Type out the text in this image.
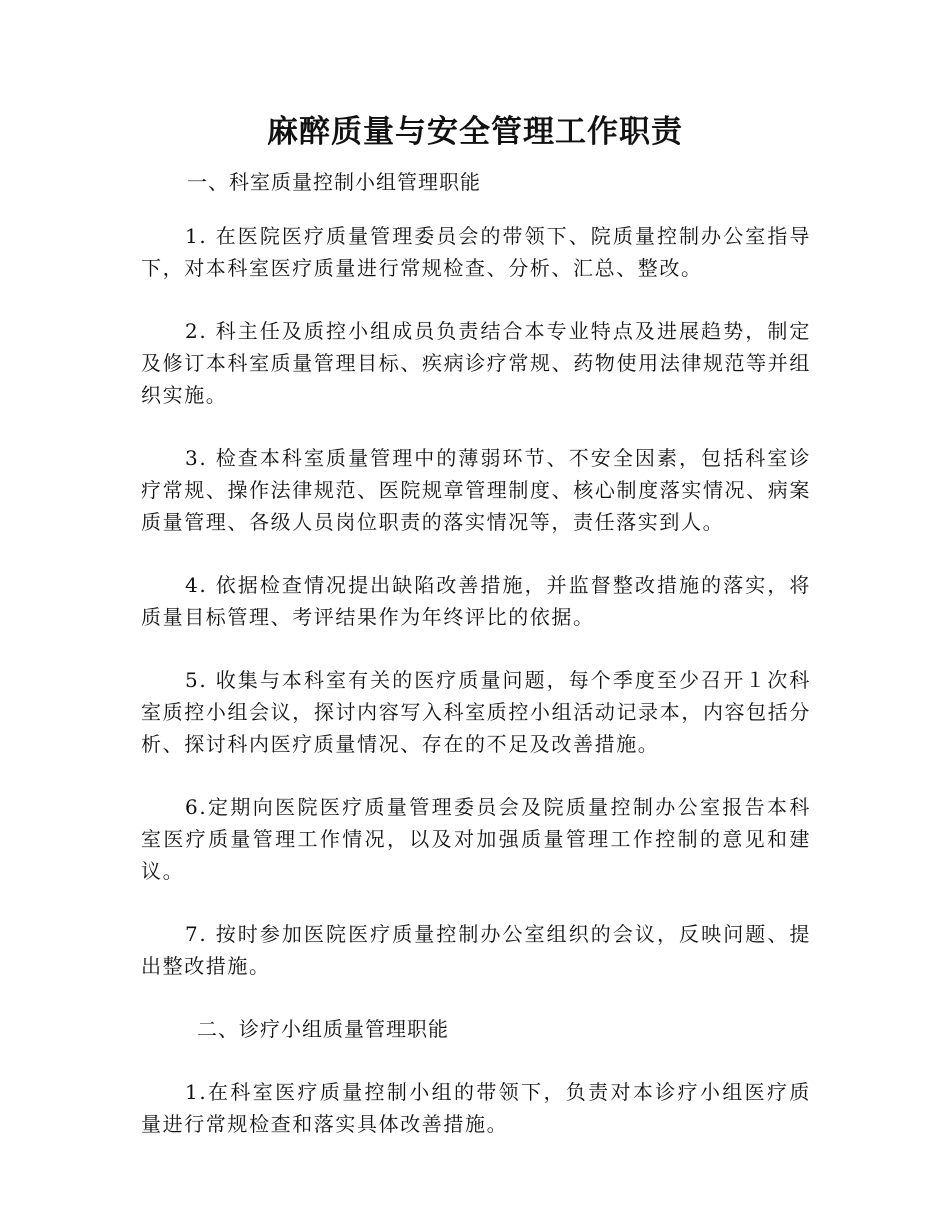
麻醉质量与安全管理工作职责

一、科室质量控制小组管理职能

1. 在医院医疗质量管理委员会的带领下、院质量控制办公室指导下，对本科室医疗质量进行常规检查、分析、汇总、整改。

2. 科主任及质控小组成员负责结合本专业特点及进展趋势，制定及修订本科室质量管理目标、疾病诊疗常规、药物使用法律规范等并组织实施。

3. 检查本科室质量管理中的薄弱环节、不安全因素，包括科室诊疗常规、操作法律规范、医院规章管理制度、核心制度落实情况、病案质量管理、各级人员岗位职责的落实情况等，责任落实到人。

4. 依据检查情况提出缺陷改善措施，并监督整改措施的落实，将质量目标管理、考评结果作为年终评比的依据。

5. 收集与本科室有关的医疗质量问题，每个季度至少召开１次科室质控小组会议，探讨内容写入科室质控小组活动记录本，内容包括分析、探讨科内医疗质量情况、存在的不足及改善措施。

6.定期向医院医疗质量管理委员会及院质量控制办公室报告本科室医疗质量管理工作情况，以及对加强质量管理工作控制的意见和建议。

7. 按时参加医院医疗质量控制办公室组织的会议，反映问题、提出整改措施。

二、诊疗小组质量管理职能

1.在科室医疗质量控制小组的带领下，负责对本诊疗小组医疗质量进行常规检查和落实具体改善措施。
